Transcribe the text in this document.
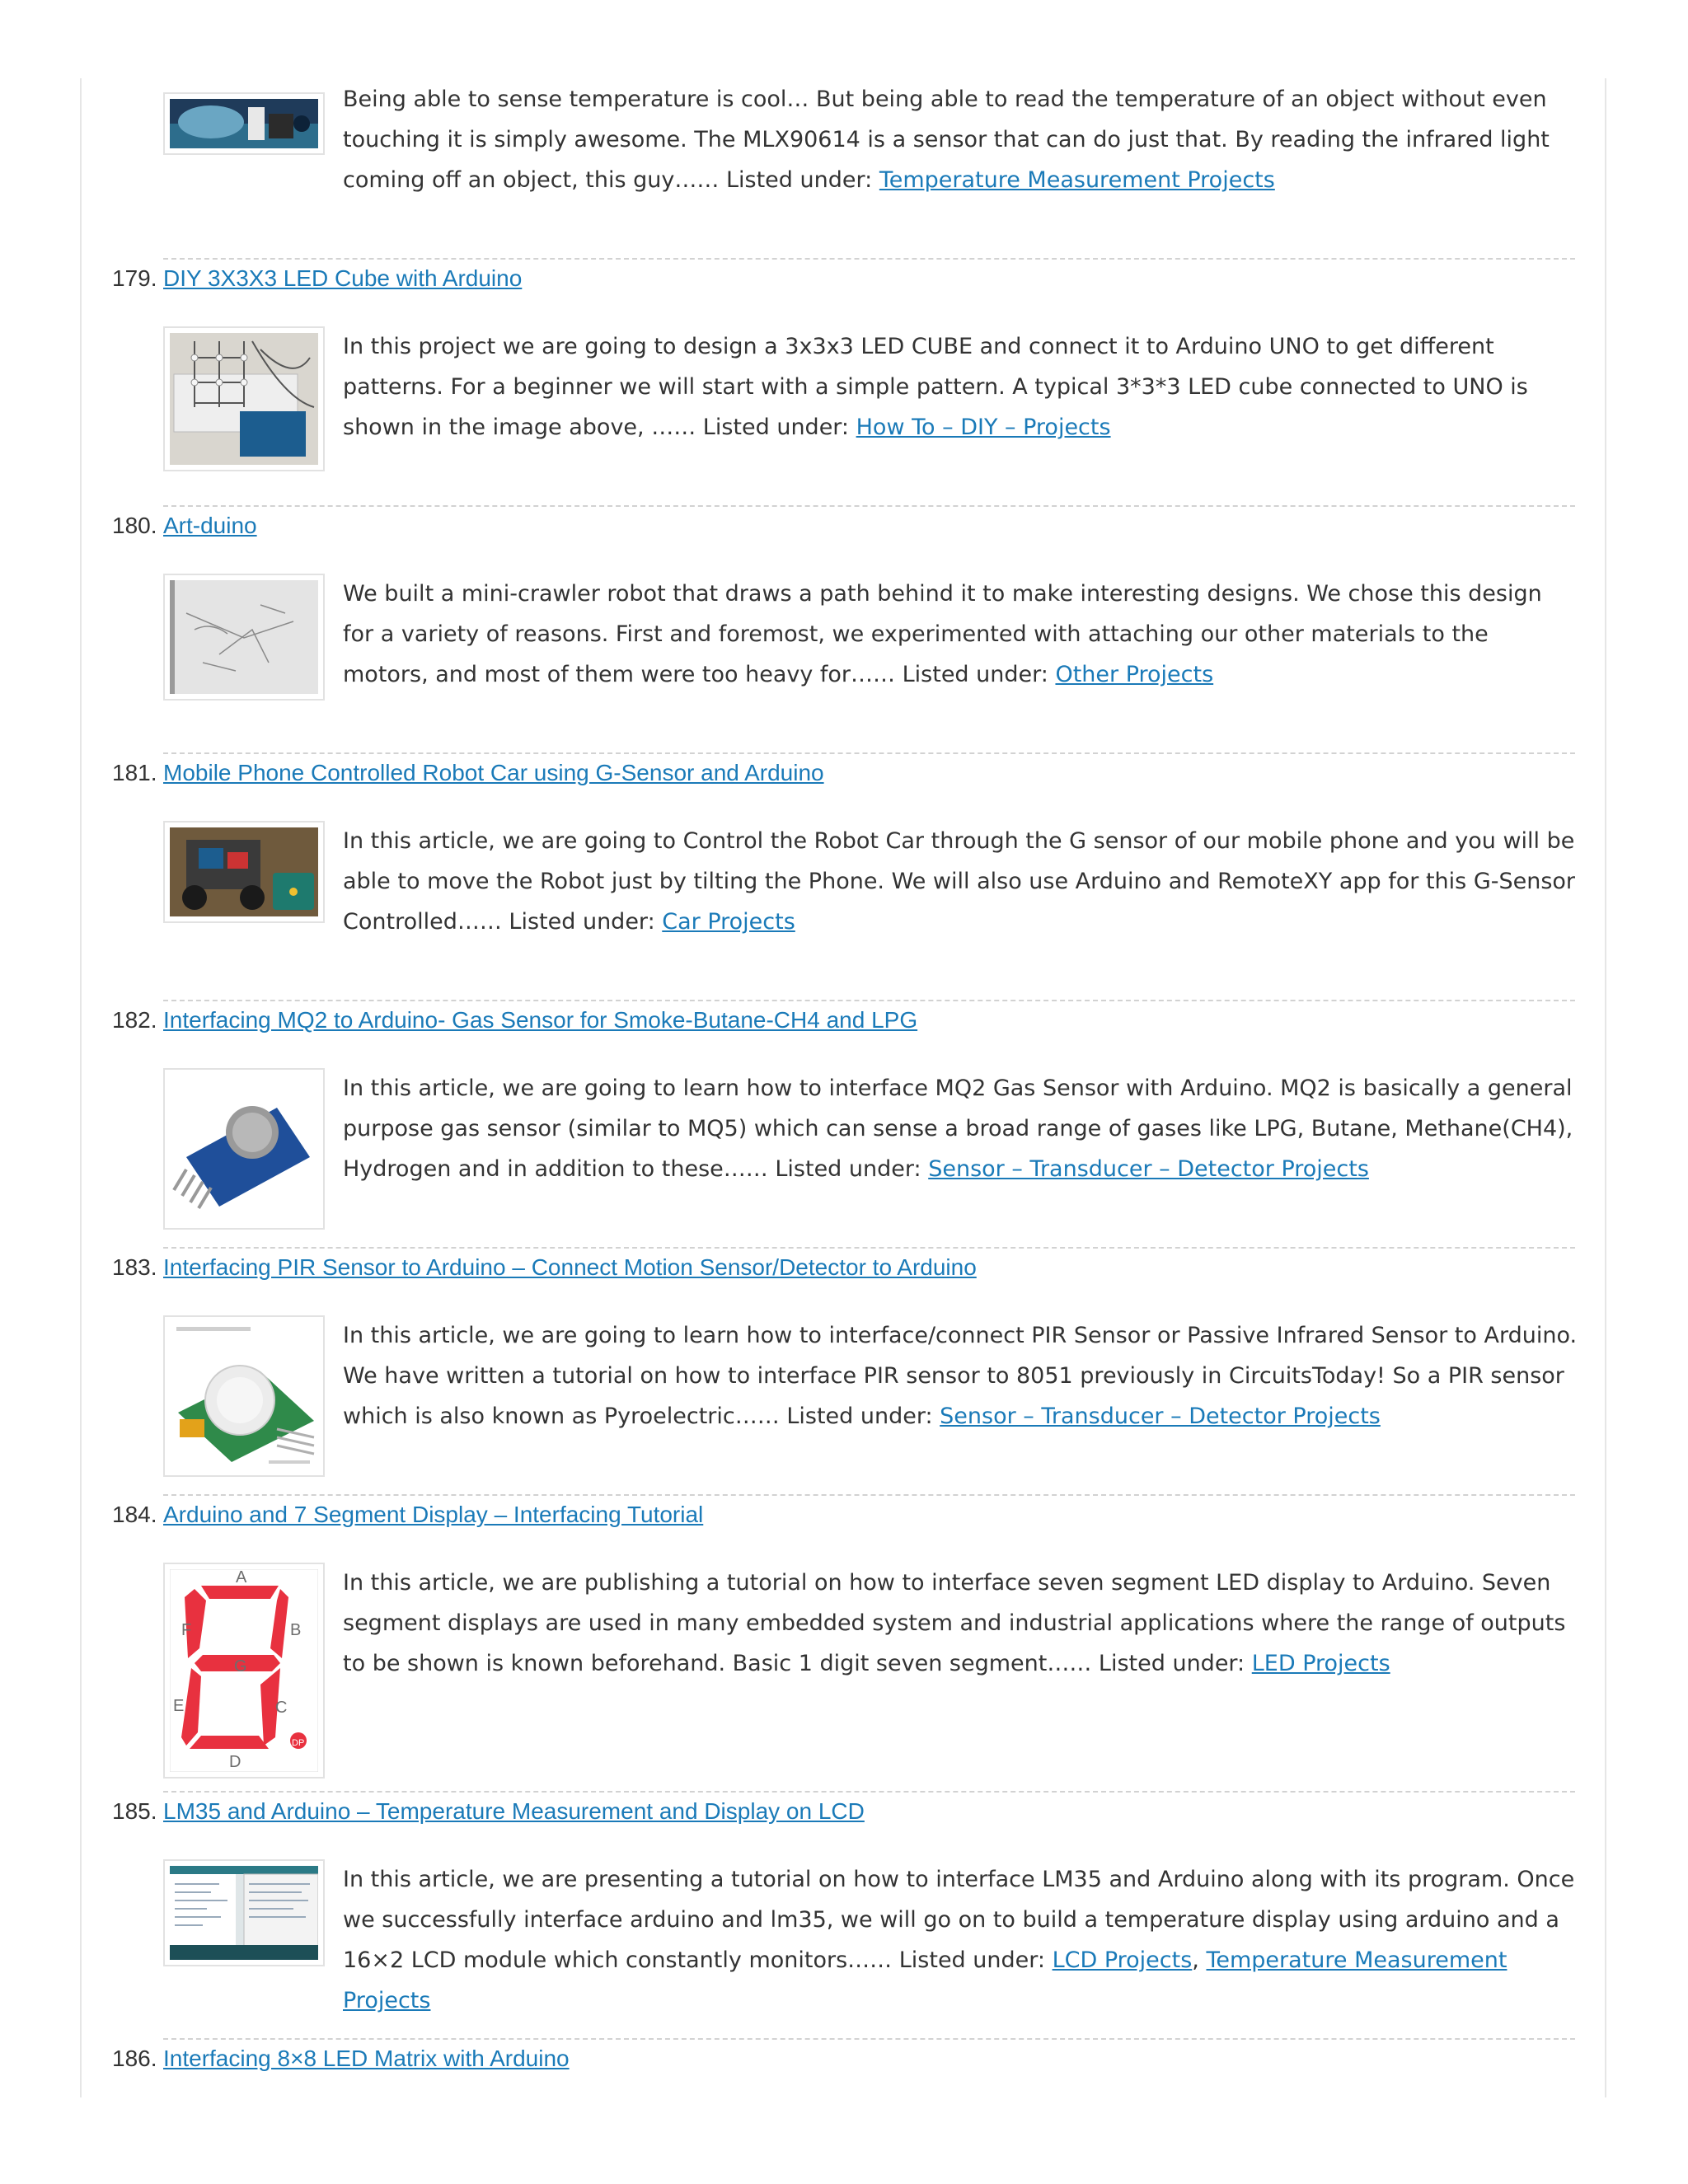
Being able to sense temperature is cool… But being able to read the temperature of an object without even touching it is simply awesome. The MLX90614 is a sensor that can do just that. By reading the infrared light coming off an object, this guy…… Listed under: Temperature Measurement Projects
179. DIY 3X3X3 LED Cube with Arduino
In this project we are going to design a 3x3x3 LED CUBE and connect it to Arduino UNO to get different patterns. For a beginner we will start with a simple pattern. A typical 3*3*3 LED cube connected to UNO is shown in the image above, …… Listed under: How To – DIY – Projects
180. Art-duino
We built a mini-crawler robot that draws a path behind it to make interesting designs. We chose this design for a variety of reasons. First and foremost, we experimented with attaching our other materials to the motors, and most of them were too heavy for…… Listed under: Other Projects
181. Mobile Phone Controlled Robot Car using G-Sensor and Arduino
In this article, we are going to Control the Robot Car through the G sensor of our mobile phone and you will be able to move the Robot just by tilting the Phone. We will also use Arduino and RemoteXY app for this G-Sensor Controlled…… Listed under: Car Projects
182. Interfacing MQ2 to Arduino- Gas Sensor for Smoke-Butane-CH4 and LPG
In this article, we are going to learn how to interface MQ2 Gas Sensor with Arduino. MQ2 is basically a general purpose gas sensor (similar to MQ5) which can sense a broad range of gases like LPG, Butane, Methane(CH4), Hydrogen and in addition to these…… Listed under: Sensor – Transducer – Detector Projects
183. Interfacing PIR Sensor to Arduino – Connect Motion Sensor/Detector to Arduino
In this article, we are going to learn how to interface/connect PIR Sensor or Passive Infrared Sensor to Arduino. We have written a tutorial on how to interface PIR sensor to 8051 previously in CircuitsToday! So a PIR sensor which is also known as Pyroelectric…… Listed under: Sensor – Transducer – Detector Projects
184. Arduino and 7 Segment Display – Interfacing Tutorial
A
B
C
D
E
F
G
DP
In this article, we are publishing a tutorial on how to interface seven segment LED display to Arduino. Seven segment displays are used in many embedded system and industrial applications where the range of outputs to be shown is known beforehand. Basic 1 digit seven segment…… Listed under: LED Projects
185. LM35 and Arduino – Temperature Measurement and Display on LCD
In this article, we are presenting a tutorial on how to interface LM35 and Arduino along with its program. Once we successfully interface arduino and lm35, we will go on to build a temperature display using arduino and a 16×2 LCD module which constantly monitors…… Listed under: LCD Projects, Temperature Measurement Projects
186. Interfacing 8×8 LED Matrix with Arduino
